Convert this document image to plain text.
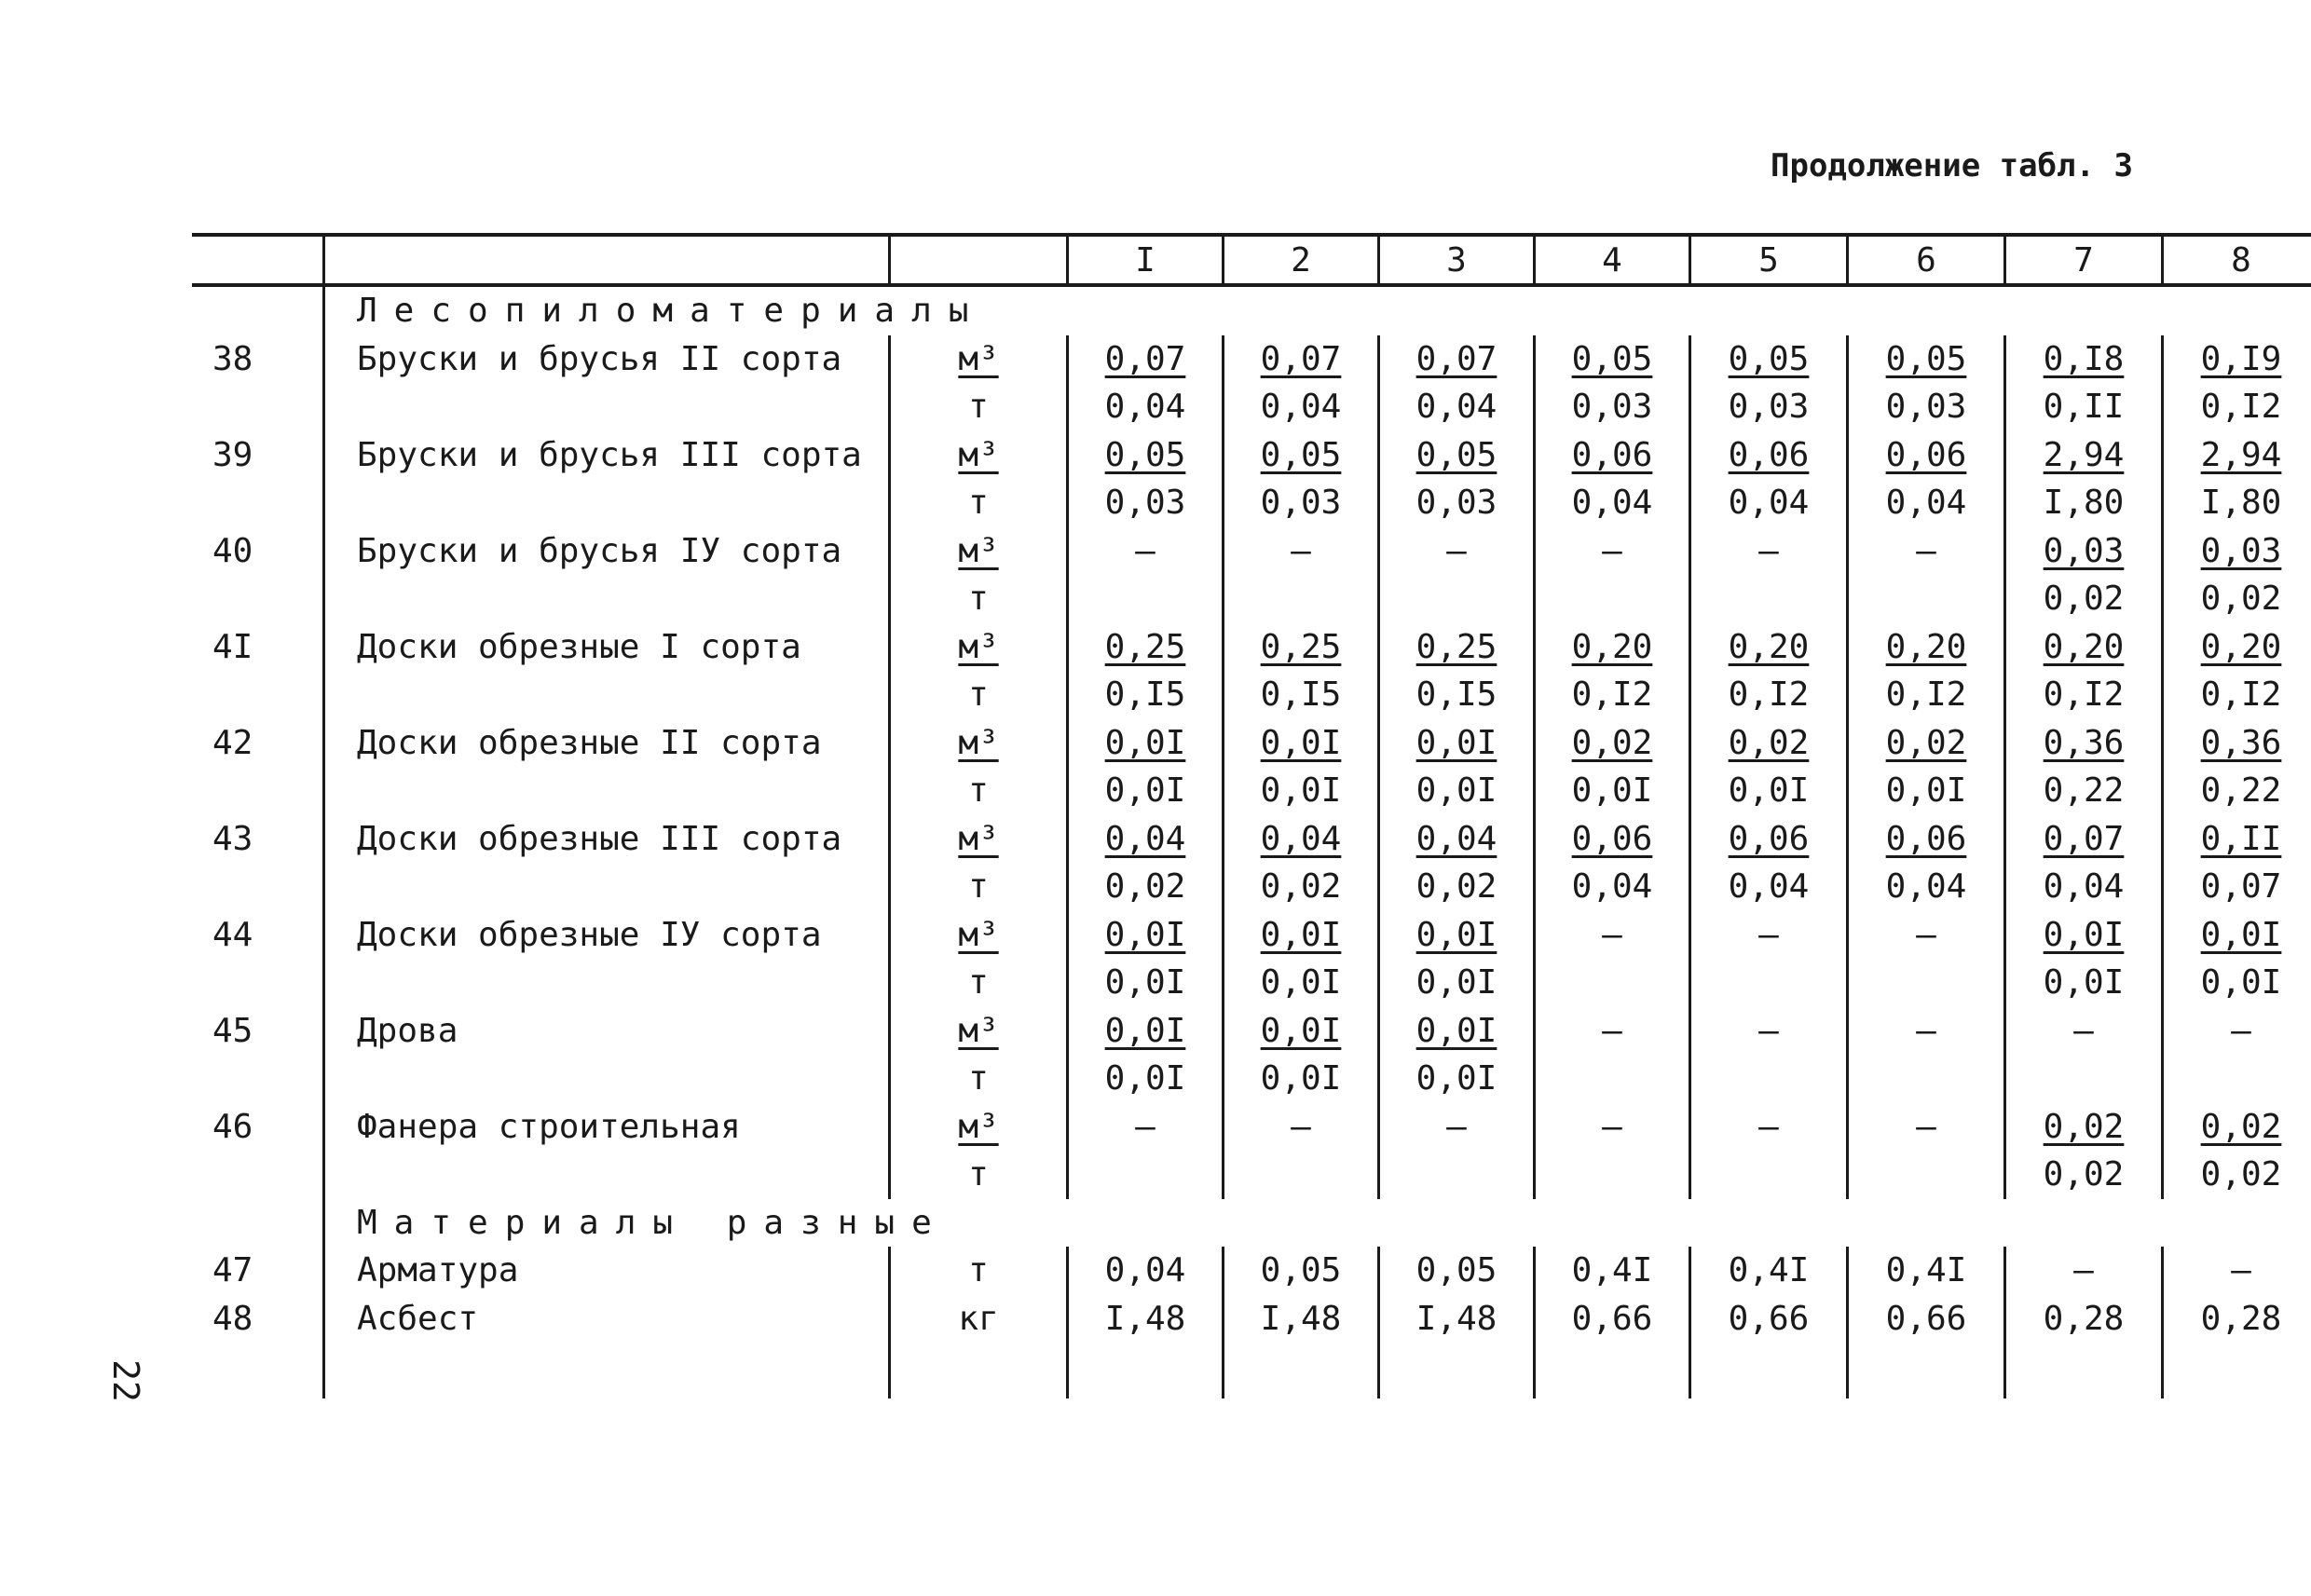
Продолжение табл. 3
22
			I	2	3	4	5	6	7	8
	Лесопиломатериалы									
38	Бруски и брусья II сорта	м³	0,07	0,07	0,07	0,05	0,05	0,05	0,I8	0,I9
		т	0,04	0,04	0,04	0,03	0,03	0,03	0,II	0,I2
39	Бруски и брусья III сорта	м³	0,05	0,05	0,05	0,06	0,06	0,06	2,94	2,94
		т	0,03	0,03	0,03	0,04	0,04	0,04	I,80	I,80
40	Бруски и брусья IУ сорта	м³	–	–	–	–	–	–	0,03	0,03
		т							0,02	0,02
4I	Доски обрезные I сорта	м³	0,25	0,25	0,25	0,20	0,20	0,20	0,20	0,20
		т	0,I5	0,I5	0,I5	0,I2	0,I2	0,I2	0,I2	0,I2
42	Доски обрезные II сорта	м³	0,0I	0,0I	0,0I	0,02	0,02	0,02	0,36	0,36
		т	0,0I	0,0I	0,0I	0,0I	0,0I	0,0I	0,22	0,22
43	Доски обрезные III сорта	м³	0,04	0,04	0,04	0,06	0,06	0,06	0,07	0,II
		т	0,02	0,02	0,02	0,04	0,04	0,04	0,04	0,07
44	Доски обрезные IУ сорта	м³	0,0I	0,0I	0,0I	–	–	–	0,0I	0,0I
		т	0,0I	0,0I	0,0I				0,0I	0,0I
45	Дрова	м³	0,0I	0,0I	0,0I	–	–	–	–	–
		т	0,0I	0,0I	0,0I					
46	Фанера строительная	м³	–	–	–	–	–	–	0,02	0,02
		т							0,02	0,02
	Материалы разные									
47	Арматура	т	0,04	0,05	0,05	0,4I	0,4I	0,4I	–	–
48	Асбест	кг	I,48	I,48	I,48	0,66	0,66	0,66	0,28	0,28
